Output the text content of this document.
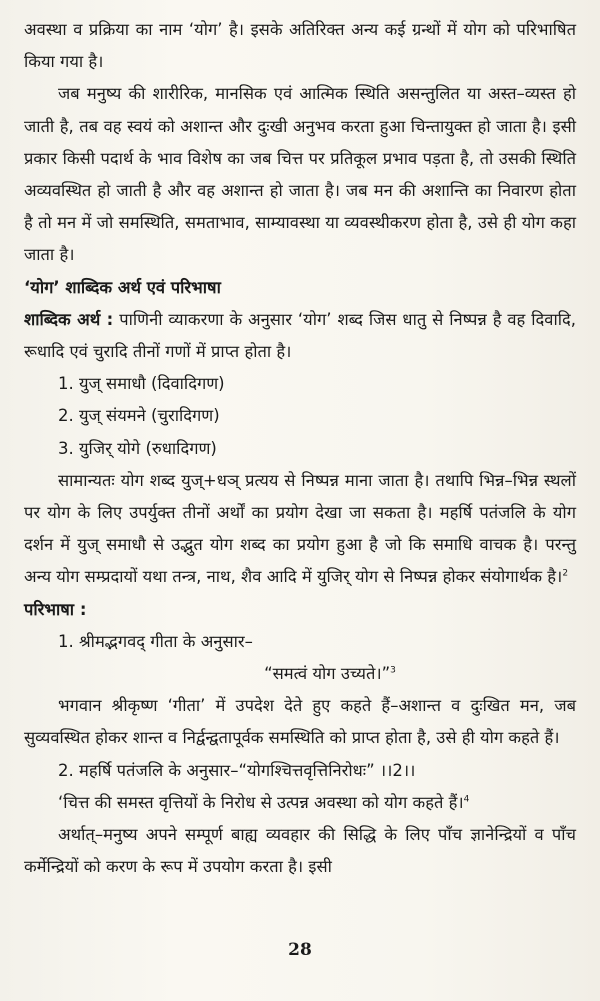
अवस्था व प्रक्रिया का नाम ‘योग’ है। इसके अतिरिक्त अन्य कई ग्रन्थों में योग को परिभाषित किया गया है।

जब मनुष्य की शारीरिक, मानसिक एवं आत्मिक स्थिति असन्तुलित या अस्त–व्यस्त हो जाती है, तब वह स्वयं को अशान्त और दुःखी अनुभव करता हुआ चिन्तायुक्त हो जाता है। इसी प्रकार किसी पदार्थ के भाव विशेष का जब चित्त पर प्रतिकूल प्रभाव पड़ता है, तो उसकी स्थिति अव्यवस्थित हो जाती है और वह अशान्त हो जाता है। जब मन की अशान्ति का निवारण होता है तो मन में जो समस्थिति, समताभाव, साम्यावस्था या व्यवस्थीकरण होता है, उसे ही योग कहा जाता है।

‘योग’ शाब्दिक अर्थ एवं परिभाषा

शाब्दिक अर्थ : पाणिनी व्याकरणा के अनुसार ‘योग’ शब्द जिस धातु से निष्पन्न है वह दिवादि, रूधादि एवं चुरादि तीनों गणों में प्राप्त होता है।

1. युज् समाधौ (दिवादिगण)

2. युज् संयमने (चुरादिगण)

3. युजिर् योगे (रुधादिगण)

सामान्यतः योग शब्द युज्+धञ् प्रत्यय से निष्पन्न माना जाता है। तथापि भिन्न–भिन्न स्थलों पर योग के लिए उपर्युक्त तीनों अर्थों का प्रयोग देखा जा सकता है। महर्षि पतंजलि के योग दर्शन में युज् समाधौ से उद्भुत योग शब्द का प्रयोग हुआ है जो कि समाधि वाचक है। परन्तु अन्य योग सम्प्रदायों यथा तन्त्र, नाथ, शैव आदि में युजिर् योग से निष्पन्न होकर संयोगार्थक है।$^2$

परिभाषा :

1. श्रीमद्भगवद् गीता के अनुसार–

“समत्वं योग उच्यते।”$^3$

भगवान श्रीकृष्ण ‘गीता’ में उपदेश देते हुए कहते हैं–अशान्त व दुःखित मन, जब सुव्यवस्थित होकर शान्त व निर्द्वन्द्वतापूर्वक समस्थिति को प्राप्त होता है, उसे ही योग कहते हैं।

2. महर्षि पतंजलि के अनुसार–“योगश्चित्तवृत्तिनिरोधः” ।।2।।

‘चित्त की समस्त वृत्तियों के निरोध से उत्पन्न अवस्था को योग कहते हैं।$^4$

अर्थात्–मनुष्य अपने सम्पूर्ण बाह्य व्यवहार की सिद्धि के लिए पाँच ज्ञानेन्द्रियों व पाँच कर्मेन्द्रियों को करण के रूप में उपयोग करता है। इसी

28
